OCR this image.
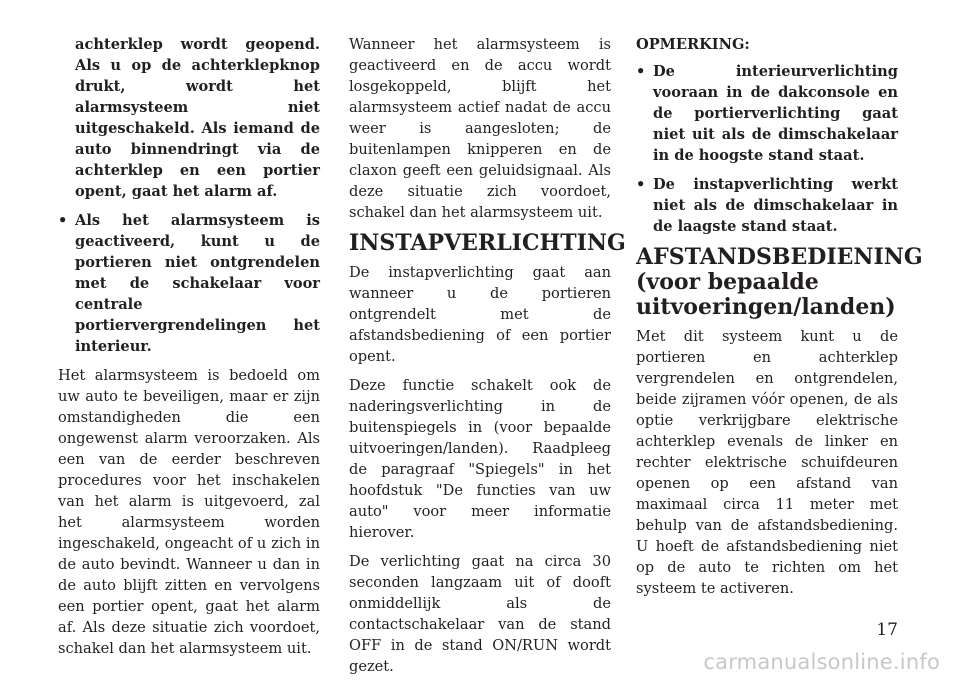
achterklep wordt geopend. Als u op de achterklepknop drukt, wordt het alarmsysteem niet uitgeschakeld. Als iemand de auto binnendringt via de achterklep en een portier opent, gaat het alarm af.

• Als het alarmsysteem is geactiveerd, kunt u de portieren niet ontgrendelen met de schakelaar voor centrale portiervergrendelingen het interieur.

Het alarmsysteem is bedoeld om uw auto te beveiligen, maar er zijn omstandigheden die een ongewenst alarm veroorzaken. Als een van de eerder beschreven procedures voor het inschakelen van het alarm is uitgevoerd, zal het alarmsysteem worden ingeschakeld, ongeacht of u zich in de auto bevindt. Wanneer u dan in de auto blijft zitten en vervolgens een portier opent, gaat het alarm af. Als deze situatie zich voordoet, schakel dan het alarmsysteem uit.

Wanneer het alarmsysteem is geactiveerd en de accu wordt losgekoppeld, blijft het alarmsysteem actief nadat de accu weer is aangesloten; de buitenlampen knipperen en de claxon geeft een geluidsignaal. Als deze situatie zich voordoet, schakel dan het alarmsysteem uit.

INSTAPVERLICHTING

De instapverlichting gaat aan wanneer u de portieren ontgrendelt met de afstandsbediening of een portier opent.

Deze functie schakelt ook de naderingsverlichting in de buitenspiegels in (voor bepaalde uitvoeringen/landen). Raadpleeg de paragraaf "Spiegels" in het hoofdstuk "De functies van uw auto" voor meer informatie hierover.

De verlichting gaat na circa 30 seconden langzaam uit of dooft onmiddellijk als de contactschakelaar van de stand OFF in de stand ON/RUN wordt gezet.

OPMERKING:

• De interieurverlichting vooraan in de dakconsole en de portierverlichting gaat niet uit als de dimschakelaar in de hoogste stand staat.

• De instapverlichting werkt niet als de dimschakelaar in de laagste stand staat.

AFSTANDSBEDIENING (voor bepaalde uitvoeringen/landen)

Met dit systeem kunt u de portieren en achterklep vergrendelen en ontgrendelen, beide zijramen vóór openen, de als optie verkrijgbare elektrische achterklep evenals de linker en rechter elektrische schuifdeuren openen op een afstand van maximaal circa 11 meter met behulp van de afstandsbediening. U hoeft de afstandsbediening niet op de auto te richten om het systeem te activeren.

17
carmanualsonline.info
